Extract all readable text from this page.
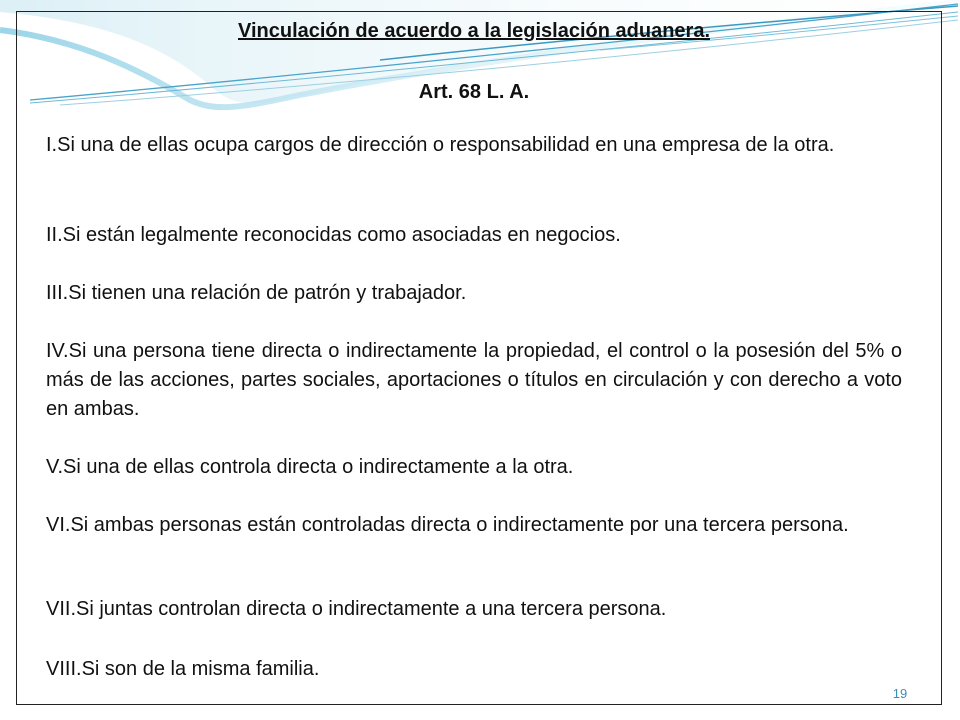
Vinculación de acuerdo a la legislación aduanera.
Art. 68 L. A.

I.Si una de ellas ocupa cargos de dirección o responsabilidad en una empresa de la otra.

II.Si están legalmente reconocidas como asociadas en negocios.

III.Si tienen una relación de patrón y trabajador.

IV.Si una persona tiene directa o indirectamente la propiedad, el control o la posesión del 5% o más de las acciones, partes sociales, aportaciones o títulos en circulación y con derecho a voto en ambas.

V.Si una de ellas controla directa o indirectamente a la otra.

VI.Si ambas personas están controladas directa o indirectamente por una tercera persona.

VII.Si juntas controlan directa o indirectamente a una tercera persona.

VIII.Si son de la misma familia.

19
